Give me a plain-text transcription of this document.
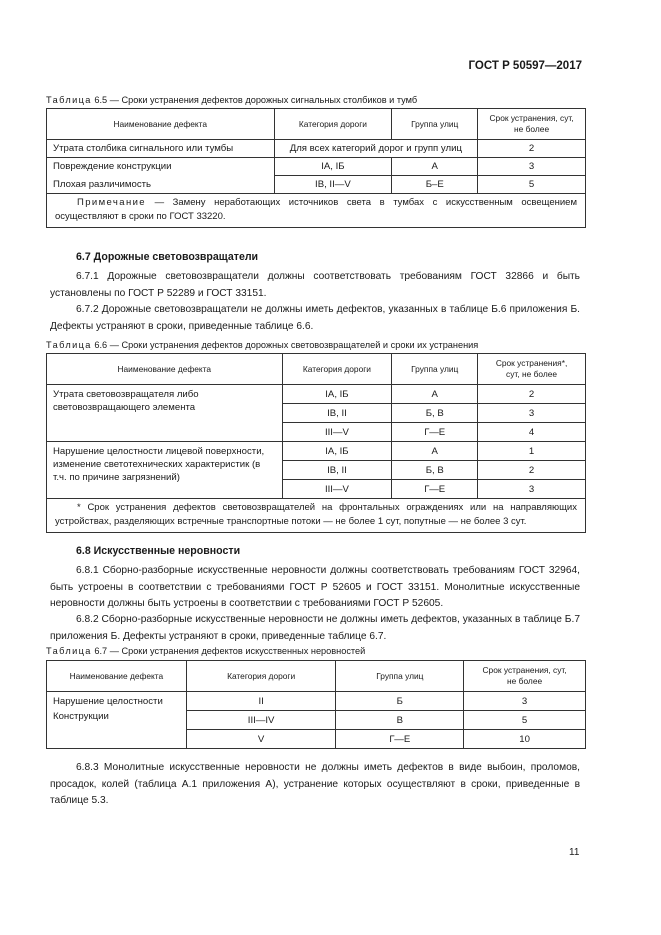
ГОСТ Р 50597—2017
Таблица 6.5 — Сроки устранения дефектов дорожных сигнальных столбиков и тумб
Наименование дефекта	Категория дороги	Группа улиц	Срок устранения, сут,
не более
Утрата столбика сигнального или тумбы	Для всех категорий дорог и групп улиц		2
Повреждение конструкции	IA, IБ	А	3
Плохая различимость	IВ, II—V	Б–Е	5
Примечание — Замену неработающих источников света в тумбах с искусственным освещением осуществляют в сроки по ГОСТ 33220.			
6.7 Дорожные световозвращатели
6.7.1 Дорожные световозвращатели должны соответствовать требованиям ГОСТ 32866 и быть установлены по ГОСТ Р 52289 и ГОСТ 33151.
6.7.2 Дорожные световозвращатели не должны иметь дефектов, указанных в таблице Б.6 приложения Б. Дефекты устраняют в сроки, приведенные таблице 6.6.
Таблица 6.6 — Сроки устранения дефектов дорожных световозвращателей и сроки их устранения
Наименование дефекта	Категория дороги	Группа улиц	Срок устранения*,
сут, не более
Утрата световозвращателя либо световозвращающего элемента	IA, IБ	А	2
	IВ, II	Б, В	3
	III—V	Г—Е	4
Нарушение целостности лицевой поверхности, изменение светотехнических характеристик (в т.ч. по причине загрязнений)	IA, IБ	А	1
	IВ, II	Б, В	2
	III—V	Г—Е	3
* Срок устранения дефектов световозвращателей на фронтальных ограждениях или на направляющих устройствах, разделяющих встречные транспортные потоки — не более 1 сут, попутные — не более 3 сут.			
6.8 Искусственные неровности
6.8.1 Сборно-разборные искусственные неровности должны соответствовать требованиям ГОСТ 32964, быть устроены в соответствии с требованиями ГОСТ Р 52605 и ГОСТ 33151. Монолитные искусственные неровности должны быть устроены в соответствии с требованиями ГОСТ Р 52605.
6.8.2 Сборно-разборные искусственные неровности не должны иметь дефектов, указанных в таблице Б.7 приложения Б. Дефекты устраняют в сроки, приведенные таблице 6.7.
Таблица 6.7 — Сроки устранения дефектов искусственных неровностей
Наименование дефекта	Категория дороги	Группа улиц	Срок устранения, сут,
не более
Нарушение целостности
Конструкции	II	Б	3
	III—IV	В	5
	V	Г—Е	10
6.8.3 Монолитные искусственные неровности не должны иметь дефектов в виде выбоин, проломов, просадок, колей (таблица А.1 приложения А), устранение которых осуществляют в сроки, приведенные в таблице 5.3.
11
